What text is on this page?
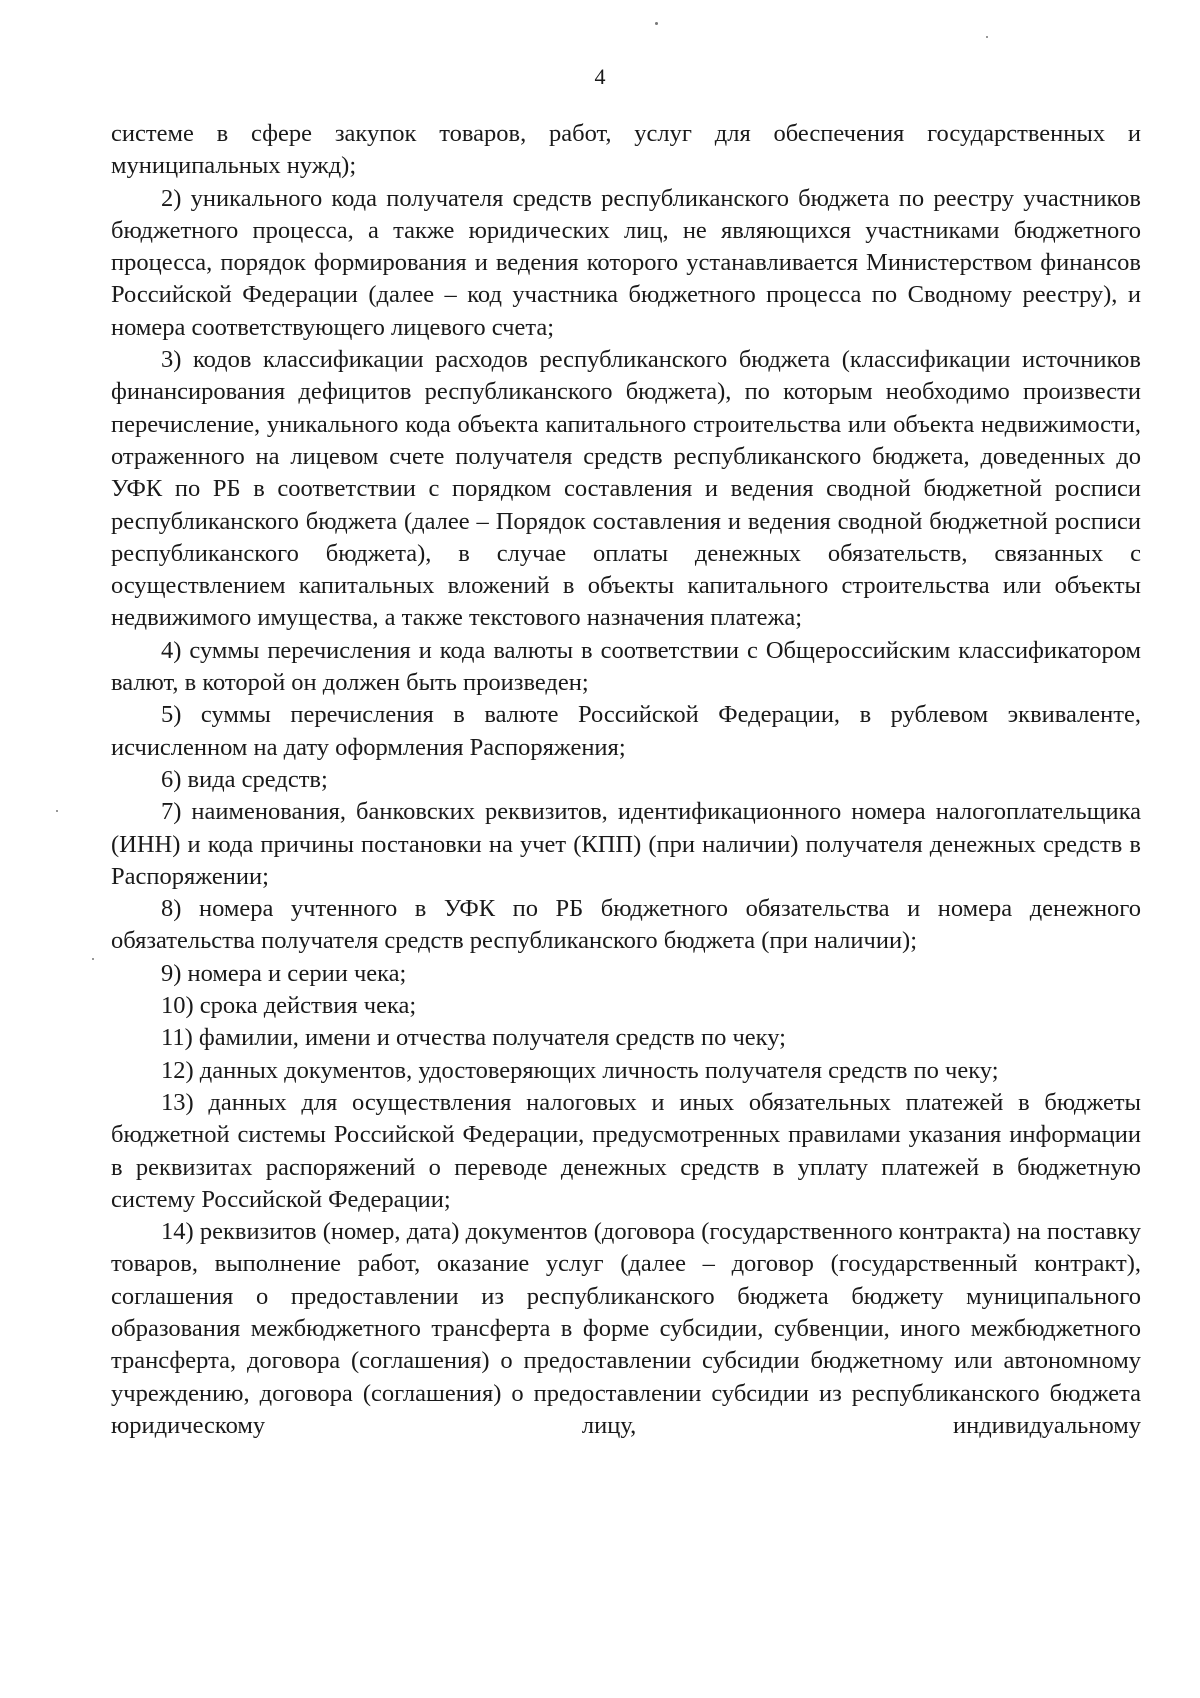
4

системе в сфере закупок товаров, работ, услуг для обеспечения государственных и муниципальных нужд);

2) уникального кода получателя средств республиканского бюджета по реестру участников бюджетного процесса, а также юридических лиц, не являющихся участниками бюджетного процесса, порядок формирования и ведения которого устанавливается Министерством финансов Российской Федерации (далее – код участника бюджетного процесса по Сводному реестру), и номера соответствующего лицевого счета;

3) кодов классификации расходов республиканского бюджета (классификации источников финансирования дефицитов республиканского бюджета), по которым необходимо произвести перечисление, уникального кода объекта капитального строительства или объекта недвижимости, отраженного на лицевом счете получателя средств республиканского бюджета, доведенных до УФК по РБ в соответствии с порядком составления и ведения сводной бюджетной росписи республиканского бюджета (далее – Порядок составления и ведения сводной бюджетной росписи республиканского бюджета), в случае оплаты денежных обязательств, связанных с осуществлением капитальных вложений в объекты капитального строительства или объекты недвижимого имущества, а также текстового назначения платежа;

4) суммы перечисления и кода валюты в соответствии с Общероссийским классификатором валют, в которой он должен быть произведен;

5) суммы перечисления в валюте Российской Федерации, в рублевом эквиваленте, исчисленном на дату оформления Распоряжения;

6) вида средств;

7) наименования, банковских реквизитов, идентификационного номера налогоплательщика (ИНН) и кода причины постановки на учет (КПП) (при наличии) получателя денежных средств в Распоряжении;

8) номера учтенного в УФК по РБ бюджетного обязательства и номера денежного обязательства получателя средств республиканского бюджета (при наличии);

9) номера и серии чека;

10) срока действия чека;

11) фамилии, имени и отчества получателя средств по чеку;

12) данных документов, удостоверяющих личность получателя средств по чеку;

13) данных для осуществления налоговых и иных обязательных платежей в бюджеты бюджетной системы Российской Федерации, предусмотренных правилами указания информации в реквизитах распоряжений о переводе денежных средств в уплату платежей в бюджетную систему Российской Федерации;

14) реквизитов (номер, дата) документов (договора (государственного контракта) на поставку товаров, выполнение работ, оказание услуг (далее – договор (государственный контракт), соглашения о предоставлении из республиканского бюджета бюджету муниципального образования межбюджетного трансферта в форме субсидии, субвенции, иного межбюджетного трансферта, договора (соглашения) о предоставлении субсидии бюджетному или автономному учреждению, договора (соглашения) о предоставлении субсидии из республиканского бюджета юридическому лицу, индивидуальному
